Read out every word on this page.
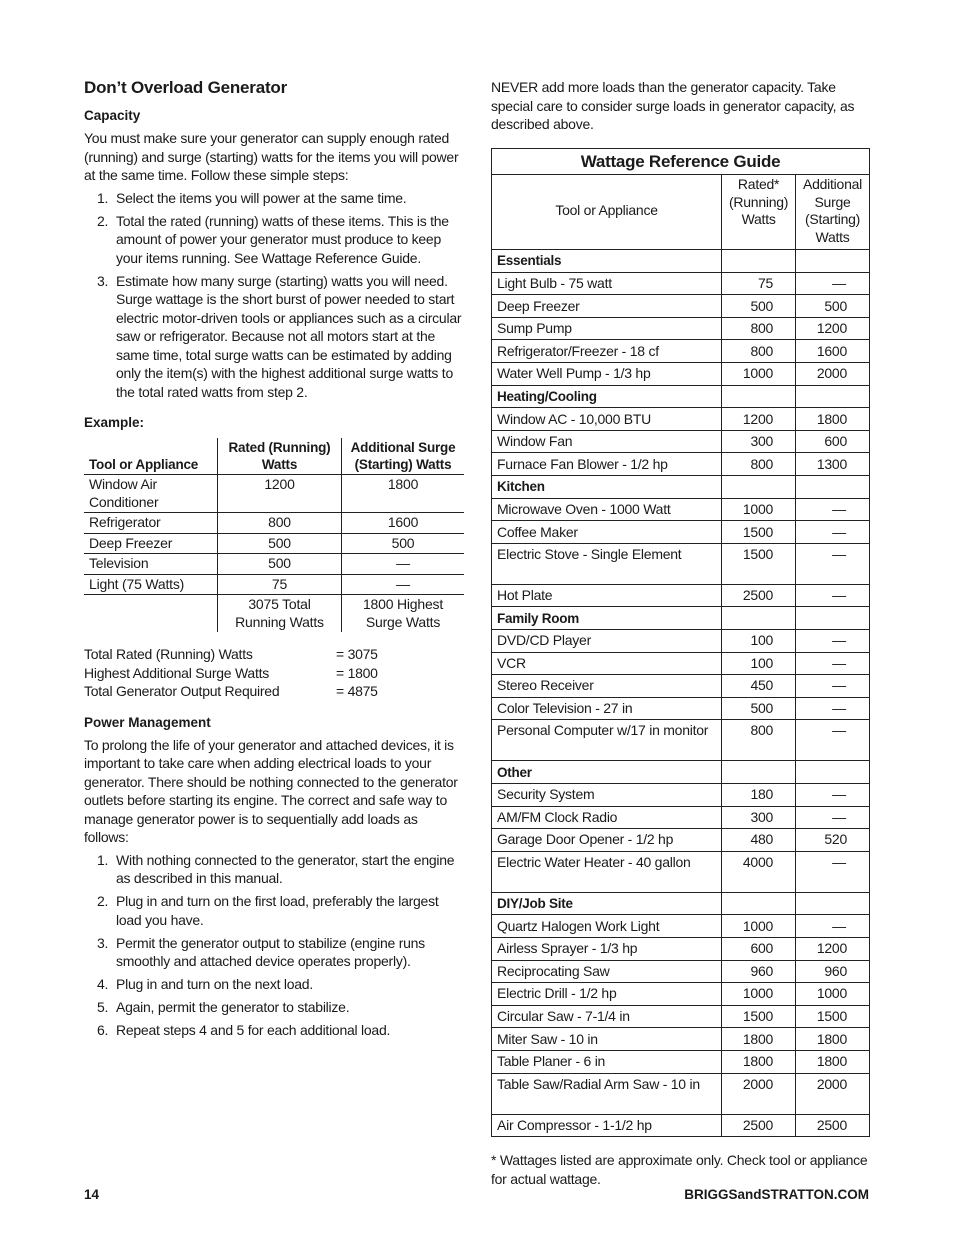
Don’t Overload Generator
Capacity

You must make sure your generator can supply enough rated (running) and surge (starting) watts for the items you will power at the same time. Follow these simple steps:

1. Select the items you will power at the same time.
2. Total the rated (running) watts of these items. This is the amount of power your generator must produce to keep your items running. See Wattage Reference Guide.
3. Estimate how many surge (starting) watts you will need. Surge wattage is the short burst of power needed to start electric motor-driven tools or appliances such as a circular saw or refrigerator. Because not all motors start at the same time, total surge watts can be estimated by adding only the item(s) with the highest additional surge watts to the total rated watts from step 2.
Example:
Tool or Appliance	Rated (Running) Watts	Additional Surge (Starting) Watts
Window Air Conditioner	1200	1800
Refrigerator	800	1600
Deep Freezer	500	500
Television	500	—
Light (75 Watts)	75	—
	3075 Total Running Watts	1800 Highest Surge Watts
Total Rated (Running) Watts	= 3075
Highest Additional Surge Watts	= 1800
Total Generator Output Required	= 4875
Power Management

To prolong the life of your generator and attached devices, it is important to take care when adding electrical loads to your generator. There should be nothing connected to the generator outlets before starting its engine. The correct and safe way to manage generator power is to sequentially add loads as follows:

1. With nothing connected to the generator, start the engine as described in this manual.
2. Plug in and turn on the first load, preferably the largest load you have.
3. Permit the generator output to stabilize (engine runs smoothly and attached device operates properly).
4. Plug in and turn on the next load.
5. Again, permit the generator to stabilize.
6. Repeat steps 4 and 5 for each additional load.

NEVER add more loads than the generator capacity. Take special care to consider surge loads in generator capacity, as described above.

Wattage Reference Guide		
Tool or Appliance	Rated* (Running) Watts	Additional Surge (Starting) Watts
Essentials		
Light Bulb - 75 watt	75	—
Deep Freezer	500	500
Sump Pump	800	1200
Refrigerator/Freezer - 18 cf	800	1600
Water Well Pump - 1/3 hp	1000	2000
Heating/Cooling		
Window AC - 10,000 BTU	1200	1800
Window Fan	300	600
Furnace Fan Blower - 1/2 hp	800	1300
Kitchen		
Microwave Oven - 1000 Watt	1000	—
Coffee Maker	1500	—
Electric Stove - Single Element	1500	—
Hot Plate	2500	—
Family Room		
DVD/CD Player	100	—
VCR	100	—
Stereo Receiver	450	—
Color Television - 27 in	500	—
Personal Computer w/17 in monitor	800	—
Other		
Security System	180	—
AM/FM Clock Radio	300	—
Garage Door Opener - 1/2 hp	480	520
Electric Water Heater - 40 gallon	4000	—
DIY/Job Site		
Quartz Halogen Work Light	1000	—
Airless Sprayer - 1/3 hp	600	1200
Reciprocating Saw	960	960
Electric Drill - 1/2 hp	1000	1000
Circular Saw - 7-1/4 in	1500	1500
Miter Saw - 10 in	1800	1800
Table Planer - 6 in	1800	1800
Table Saw/Radial Arm Saw - 10 in	2000	2000
Air Compressor - 1-1/2 hp	2500	2500
* Wattages listed are approximate only. Check tool or appliance for actual wattage.
14	BRIGGSandSTRATTON.COM
